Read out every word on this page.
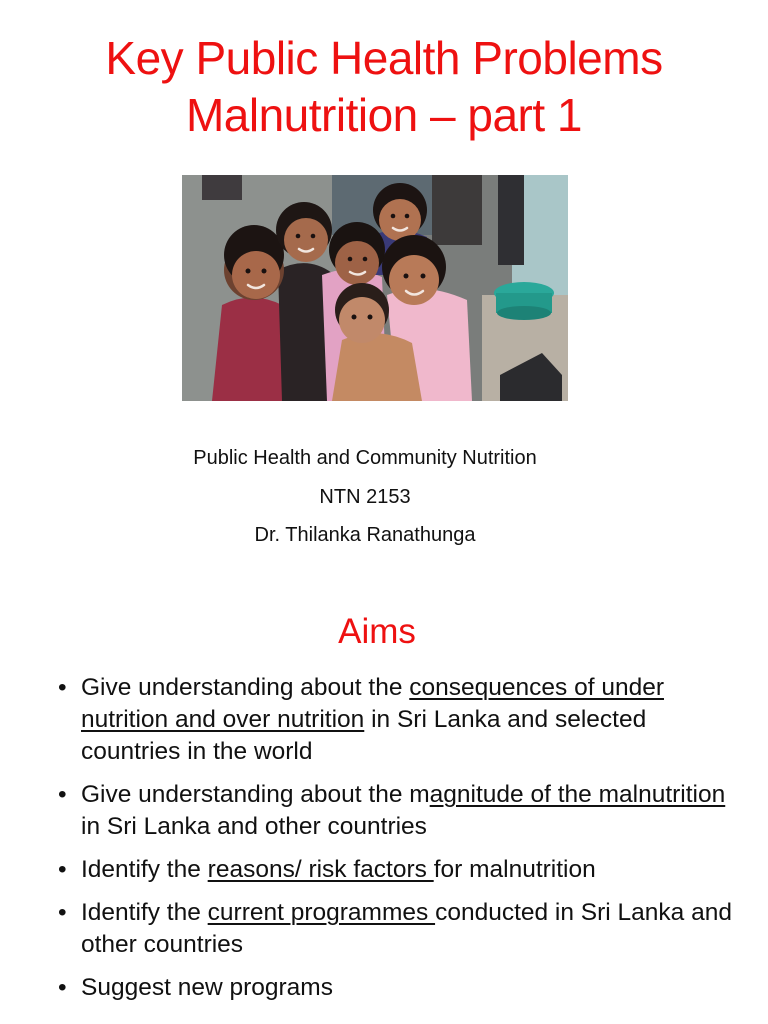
Key Public Health Problems
Malnutrition – part 1
Public Health and Community Nutrition
NTN 2153
Dr. Thilanka Ranathunga
Aims
• Give understanding about the consequences of under nutrition and over nutrition in Sri Lanka and selected countries in the world
• Give understanding about the magnitude of the malnutrition in Sri Lanka and other countries
• Identify the reasons/ risk factors for malnutrition
• Identify the current programmes conducted in Sri Lanka and other countries
• Suggest new programs
